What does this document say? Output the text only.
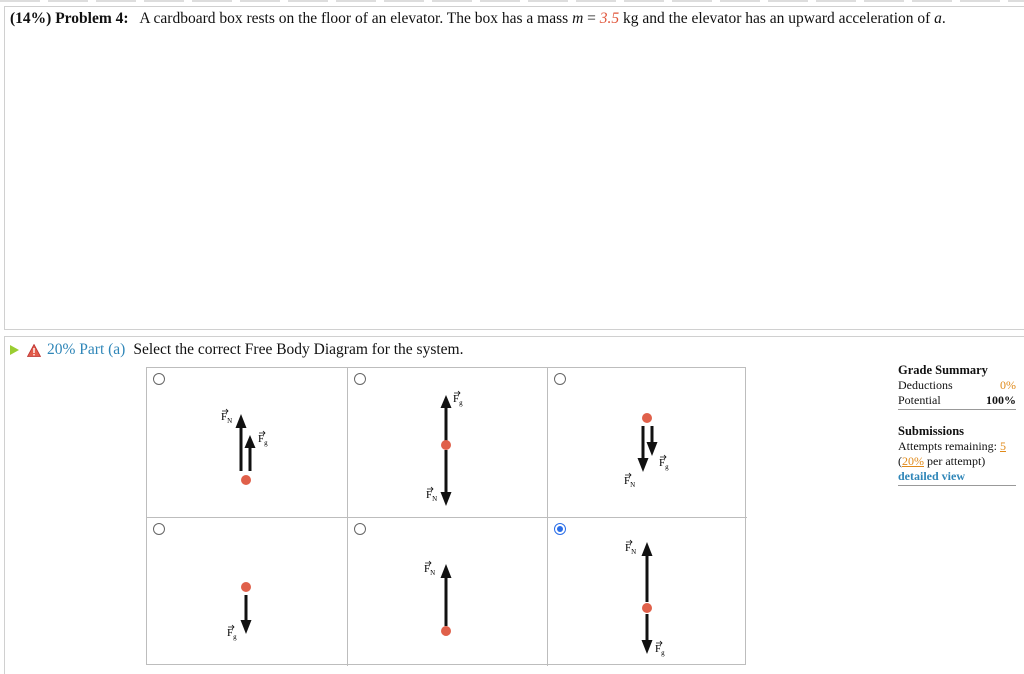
(14%) Problem 4: A cardboard box rests on the floor of an elevator. The box has a mass m = 3.5 kg and the elevator has an upward acceleration of a.
20% Part (a) Select the correct Free Body Diagram for the system.
$F_N$
$F_g$
$F_g$
$F_N$
$F_g$
$F_N$
$F_g$
$F_N$
$F_N$
$F_g$
Grade Summary
Deductions	0%
Potential	100%
Submissions
Attempts remaining:
5
( 20%
per attempt)
detailed view
